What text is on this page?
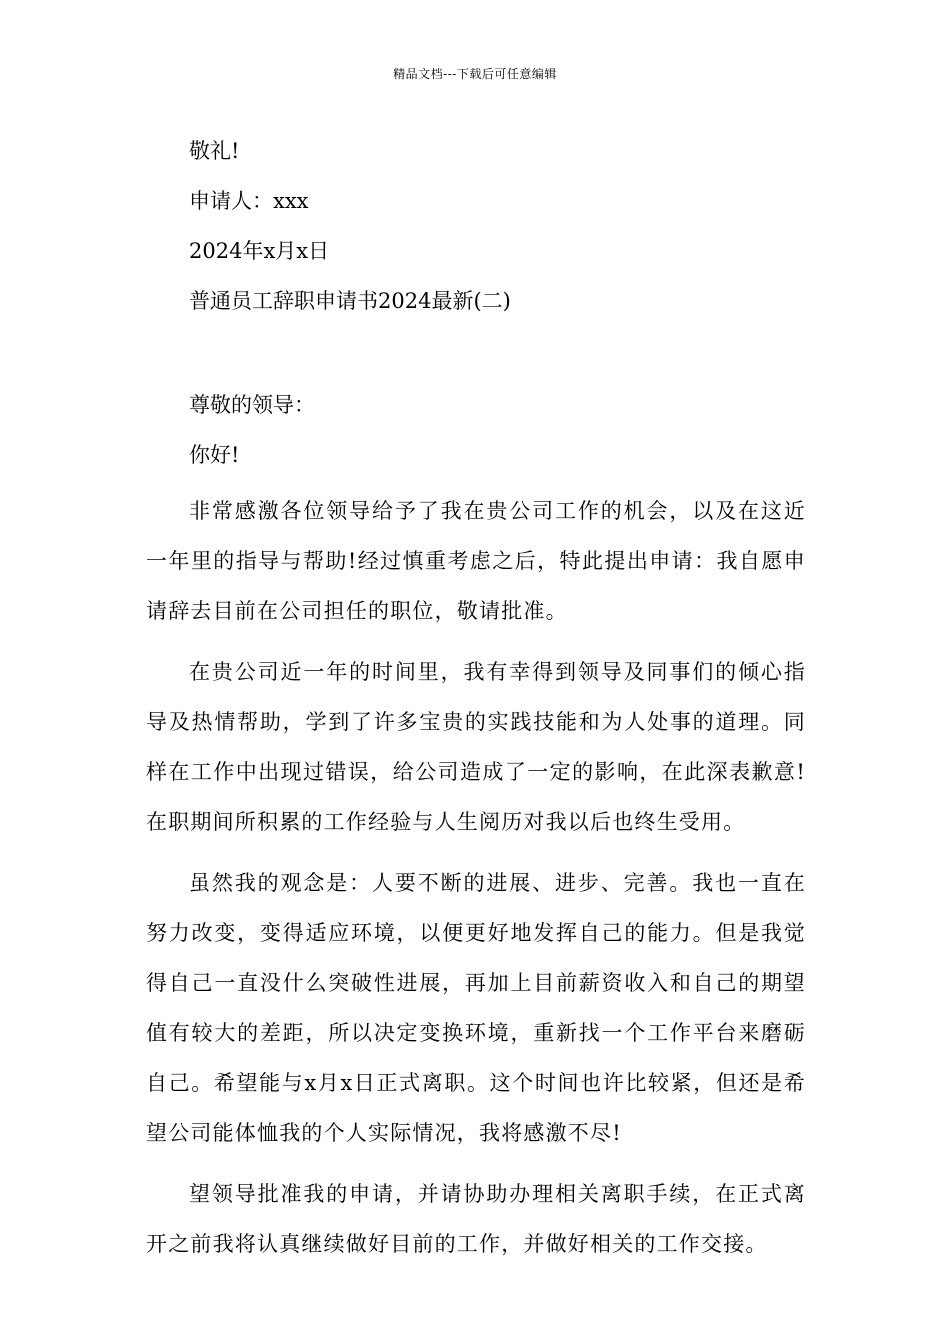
精品文档---下载后可任意编辑

敬礼!

申请人：xxx

2024年x月x日

普通员工辞职申请书2024最新(二)

尊敬的领导：

你好!

非常感激各位领导给予了我在贵公司工作的机会，以及在这近一年里的指导与帮助!经过慎重考虑之后，特此提出申请：我自愿申请辞去目前在公司担任的职位，敬请批准。

在贵公司近一年的时间里，我有幸得到领导及同事们的倾心指导及热情帮助，学到了许多宝贵的实践技能和为人处事的道理。同样在工作中出现过错误，给公司造成了一定的影响，在此深表歉意!在职期间所积累的工作经验与人生阅历对我以后也终生受用。

虽然我的观念是：人要不断的进展、进步、完善。我也一直在努力改变，变得适应环境，以便更好地发挥自己的能力。但是我觉得自己一直没什么突破性进展，再加上目前薪资收入和自己的期望值有较大的差距，所以决定变换环境，重新找一个工作平台来磨砺自己。希望能与x月x日正式离职。这个时间也许比较紧，但还是希望公司能体恤我的个人实际情况，我将感激不尽!

望领导批准我的申请，并请协助办理相关离职手续，在正式离开之前我将认真继续做好目前的工作，并做好相关的工作交接。
